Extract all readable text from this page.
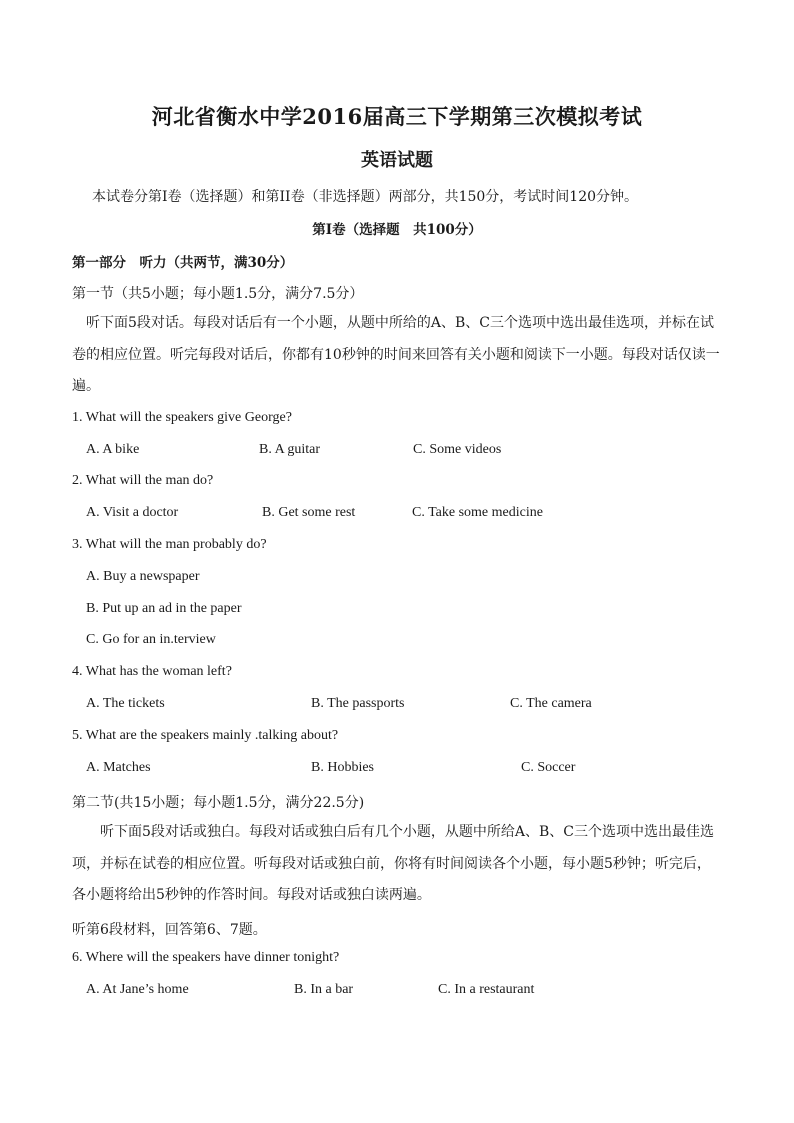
河北省衡水中学2016届高三下学期第三次模拟考试
英语试题
本试卷分第I卷（选择题）和第II卷（非选择题）两部分，共150分，考试时间120分钟。
第I卷（选择题　共100分）
第一部分　听力（共两节，满30分）
第一节（共5小题；每小题1.5分，满分7.5分）
听下面5段对话。每段对话后有一个小题，从题中所给的A、B、C三个选项中选出最佳选项，并标在试卷的相应位置。听完每段对话后，你都有10秒钟的时间来回答有关小题和阅读下一小题。每段对话仅读一遍。
1. What will the speakers give George?
A. A bike	B. A guitar	C. Some videos
2. What will the man do?
A. Visit a doctor	B. Get some rest	C. Take some medicine
3. What will the man probably do?
A. Buy a newspaper
B. Put up an ad in the paper
C. Go for an in.terview
4. What has the woman left?
A. The tickets	B. The passports	C. The camera
5. What are the speakers mainly .talking about?
A. Matches	B. Hobbies	C. Soccer
第二节(共15小题；每小题1.5分，满分22.5分)
听下面5段对话或独白。每段对话或独白后有几个小题，从题中所给A、B、C三个选项中选出最佳选项，并标在试卷的相应位置。听每段对话或独白前，你将有时间阅读各个小题，每小题5秒钟；听完后，各小题将给出5秒钟的作答时间。每段对话或独白读两遍。
听第6段材料，回答第6、7题。
6. Where will the speakers have dinner tonight?
A. At Jane’s home	B. In a bar	C. In a restaurant
